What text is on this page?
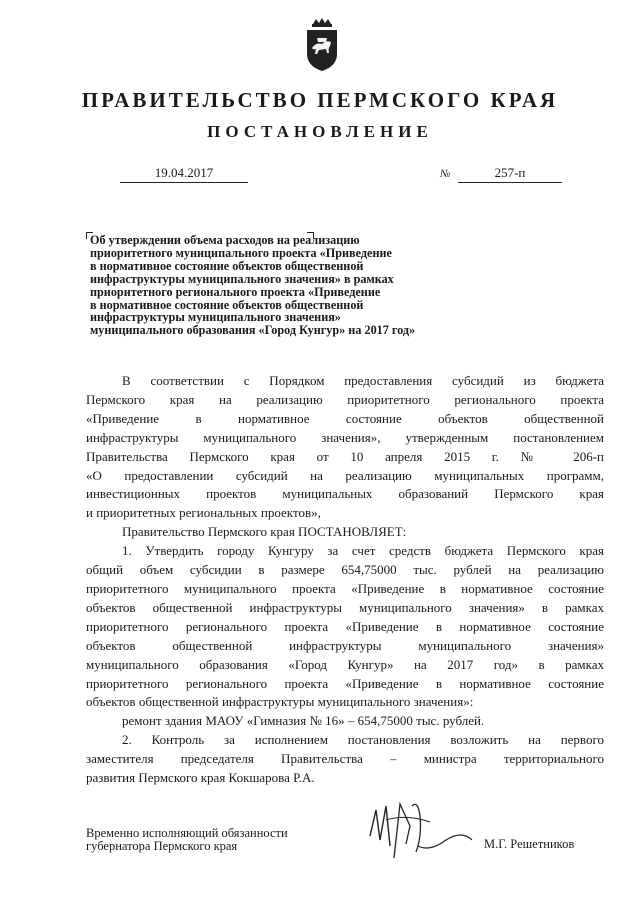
ПРАВИТЕЛЬСТВО ПЕРМСКОГО КРАЯ
ПОСТАНОВЛЕНИЕ
19.04.2017	№	257-п
Об утверждении объема расходов на реализацию
приоритетного муниципального проекта «Приведение
в нормативное состояние объектов общественной
инфраструктуры муниципального значения» в рамках
приоритетного регионального проекта «Приведение
в нормативное состояние объектов общественной
инфраструктуры муниципального значения»
муниципального образования «Город Кунгур» на 2017 год»
В соответствии с Порядком предоставления субсидий из бюджета
Пермского края на реализацию приоритетного регионального проекта
«Приведение в нормативное состояние объектов общественной
инфраструктуры муниципального значения», утвержденным постановлением
Правительства Пермского края от 10 апреля 2015 г. № 206-п
«О предоставлении субсидий на реализацию муниципальных программ,
инвестиционных проектов муниципальных образований Пермского края
и приоритетных региональных проектов»,
Правительство Пермского края ПОСТАНОВЛЯЕТ:
1. Утвердить городу Кунгуру за счет средств бюджета Пермского края
общий объем субсидии в размере 654,75000 тыс. рублей на реализацию
приоритетного муниципального проекта «Приведение в нормативное состояние
объектов общественной инфраструктуры муниципального значения» в рамках
приоритетного регионального проекта «Приведение в нормативное состояние
объектов общественной инфраструктуры муниципального значения»
муниципального образования «Город Кунгур» на 2017 год» в рамках
приоритетного регионального проекта «Приведение в нормативное состояние
объектов общественной инфраструктуры муниципального значения»:
ремонт здания МАОУ «Гимназия № 16» – 654,75000 тыс. рублей.
2. Контроль за исполнением постановления возложить на первого
заместителя председателя Правительства – министра территориального
развития Пермского края Кокшарова Р.А.
Временно исполняющий обязанности
губернатора Пермского края	М.Г. Решетников
